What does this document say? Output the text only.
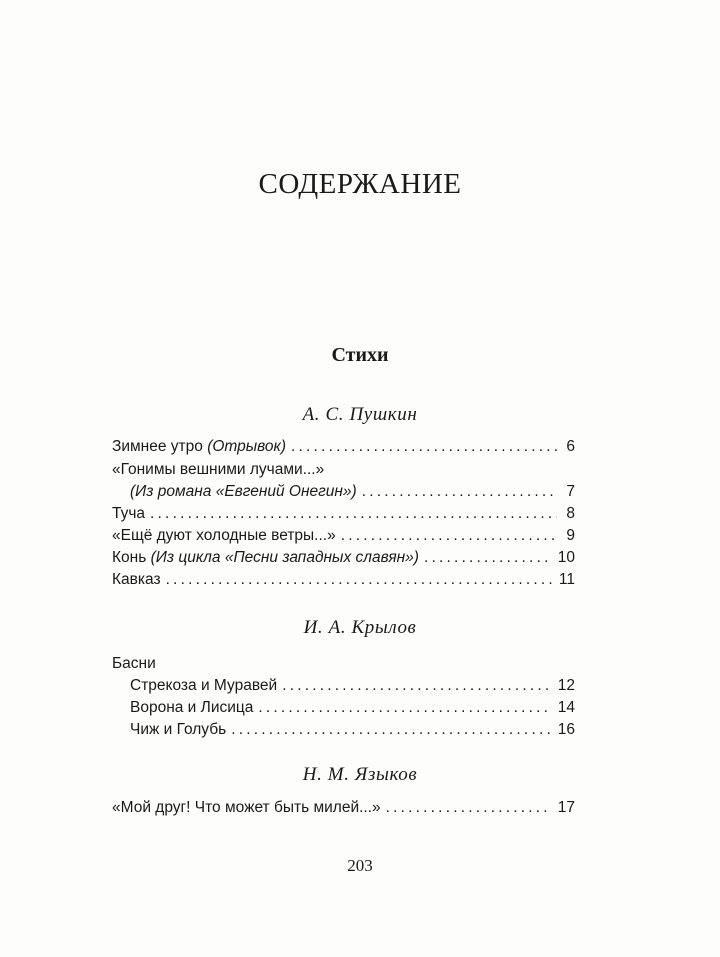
СОДЕРЖАНИЕ
Стихи
А. С. Пушкин
Зимнее утро (Отрывок) .....	6
«Гонимы вешними лучами...»
(Из романа «Евгений Онегин») .....	7
Туча .....	8
«Ещё дуют холодные ветры...» .....	9
Конь (Из цикла «Песни западных славян») .....	10
Кавказ .....	11
И. А. Крылов
Басни
Стрекоза и Муравей .....	12
Ворона и Лисица .....	14
Чиж и Голубь .....	16
Н. М. Языков
«Мой друг! Что может быть милей...» .....	17
203
